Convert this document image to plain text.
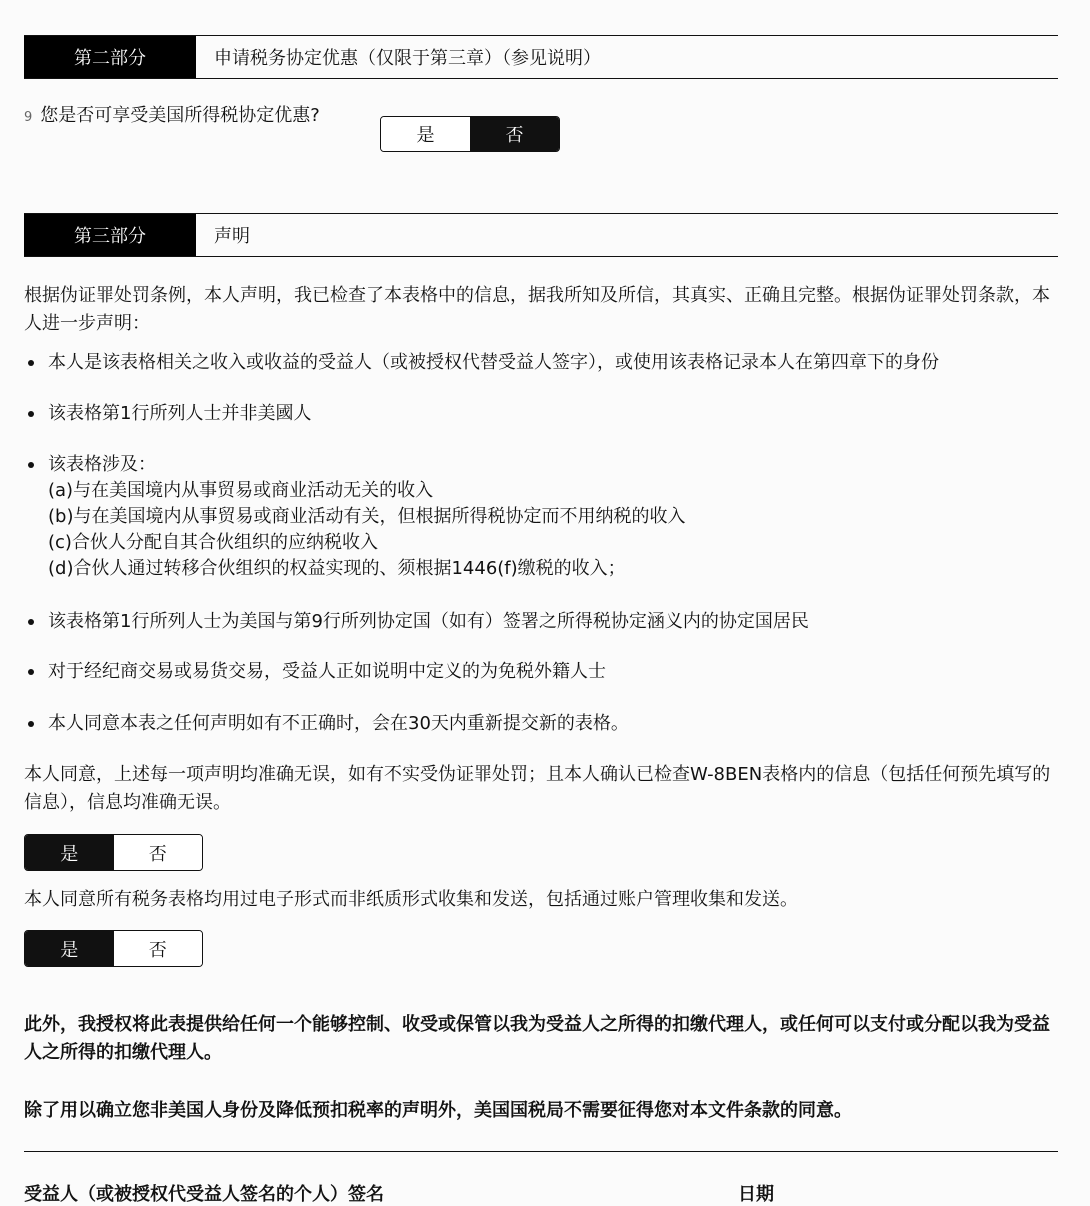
第二部分	申请税务协定优惠（仅限于第三章）（参见说明）
9 您是否可享受美国所得税协定优惠?
是	否
第三部分	声明
根据伪证罪处罚条例，本人声明，我已检查了本表格中的信息，据我所知及所信，其真实、正确且完整。根据伪证罪处罚条款，本人进一步声明：
本人是该表格相关之收入或收益的受益人（或被授权代替受益人签字），或使用该表格记录本人在第四章下的身份
该表格第1行所列人士并非美國人
该表格涉及：
(a)与在美国境内从事贸易或商业活动无关的收入
(b)与在美国境内从事贸易或商业活动有关，但根据所得税协定而不用纳税的收入
(c)合伙人分配自其合伙组织的应纳税收入
(d)合伙人通过转移合伙组织的权益实现的、须根据1446(f)缴税的收入；
该表格第1行所列人士为美国与第9行所列协定国（如有）签署之所得税协定涵义内的协定国居民
对于经纪商交易或易货交易，受益人正如说明中定义的为免税外籍人士
本人同意本表之任何声明如有不正确时，会在30天内重新提交新的表格。
本人同意，上述每一项声明均准确无误，如有不实受伪证罪处罚；且本人确认已检查W-8BEN表格内的信息（包括任何预先填写的信息），信息均准确无误。
是	否
本人同意所有税务表格均用过电子形式而非纸质形式收集和发送，包括通过账户管理收集和发送。
是	否
此外，我授权将此表提供给任何一个能够控制、收受或保管以我为受益人之所得的扣缴代理人，或任何可以支付或分配以我为受益人之所得的扣缴代理人。
除了用以确立您非美国人身份及降低预扣税率的声明外，美国国税局不需要征得您对本文件条款的同意。
受益人（或被授权代受益人签名的个人）签名	日期
